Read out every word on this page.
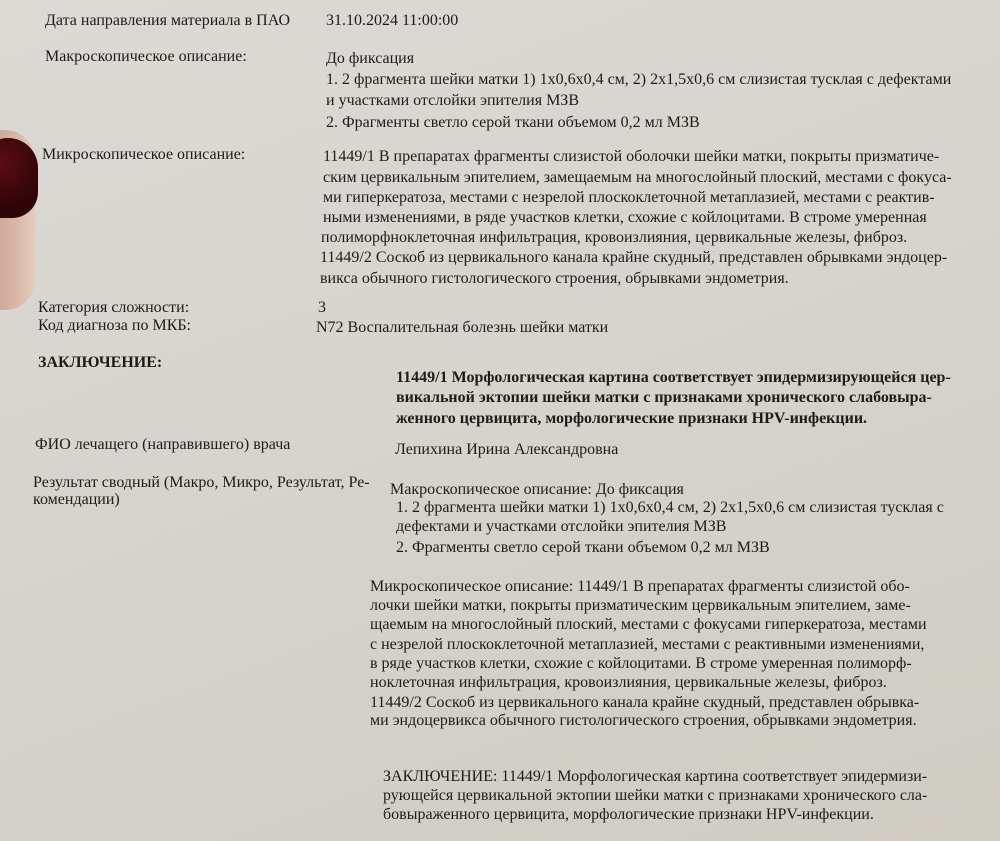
Дата направления материала в ПАО 31.10.2024 11:00:00
Макроскопическое описание:	До фиксация
1. 2 фрагмента шейки матки 1) 1х0,6х0,4 см, 2) 2х1,5х0,6 см слизистая тусклая с дефектами
и участками отслойки эпителия МЗВ
2. Фрагменты светло серой ткани объемом 0,2 мл МЗВ
Микроскопическое описание:	11449/1 В препаратах фрагменты слизистой оболочки шейки матки, покрыты призматиче-
ским цервикальным эпителием, замещаемым на многослойный плоский, местами с фокуса-
ми гиперкератоза, местами с незрелой плоскоклеточной метаплазией, местами с реактив-
ными изменениями, в ряде участков клетки, схожие с койлоцитами. В строме умеренная
полиморфноклеточная инфильтрация, кровоизлияния, цервикальные железы, фиброз.
11449/2 Соскоб из цервикального канала крайне скудный, представлен обрывками эндоцер-
викса обычного гистологического строения, обрывками эндометрия.
Категория сложности:	3
Код диагноза по МКБ:	N72 Воспалительная болезнь шейки матки
ЗАКЛЮЧЕНИЕ:
11449/1 Морфологическая картина соответствует эпидермизирующейся цер-
викальной эктопии шейки матки с признаками хронического слабовыра-
женного цервицита, морфологические признаки HPV-инфекции.
ФИО лечащего (направившего) врача	Лепихина Ирина Александровна
Результат сводный (Макро, Микро, Результат, Ре-
комендации)
Макроскопическое описание: До фиксация
1. 2 фрагмента шейки матки 1) 1х0,6х0,4 см, 2) 2х1,5х0,6 см слизистая тусклая с
дефектами и участками отслойки эпителия МЗВ
2. Фрагменты светло серой ткани объемом 0,2 мл МЗВ
Микроскопическое описание: 11449/1 В препаратах фрагменты слизистой обо-
лочки шейки матки, покрыты призматическим цервикальным эпителием, заме-
щаемым на многослойный плоский, местами с фокусами гиперкератоза, местами
с незрелой плоскоклеточной метаплазией, местами с реактивными изменениями,
в ряде участков клетки, схожие с койлоцитами. В строме умеренная полиморф-
ноклеточная инфильтрация, кровоизлияния, цервикальные железы, фиброз.
11449/2 Соскоб из цервикального канала крайне скудный, представлен обрывка-
ми эндоцервикса обычного гистологического строения, обрывками эндометрия.
ЗАКЛЮЧЕНИЕ: 11449/1 Морфологическая картина соответствует эпидермизи-
рующейся цервикальной эктопии шейки матки с признаками хронического сла-
бовыраженного цервицита, морфологические признаки HPV-инфекции.
